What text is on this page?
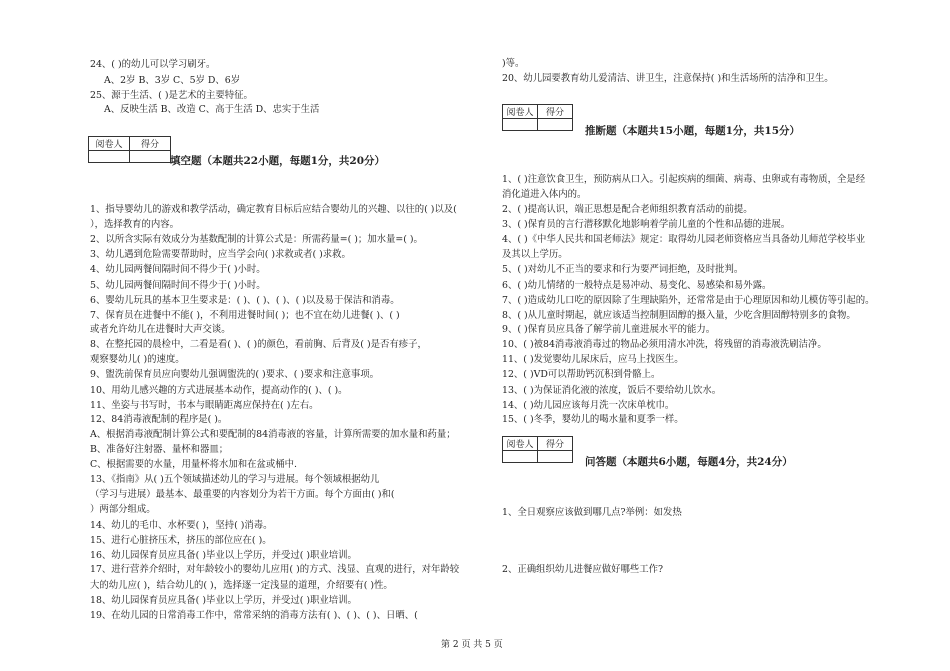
24、( )的幼儿可以学习刷牙。
A、2岁 B、3岁 C、5岁 D、6岁
25、源于生活、( )是艺术的主要特征。
A、反映生活 B、改造 C、高于生活 D、忠实于生活
阅卷人	得分

填空题（本题共22小题，每题1分，共20分）
1、指导婴幼儿的游戏和教学活动，确定教育目标后应结合婴幼儿的兴趣、以往的( )以及(
），选择教育的内容。
2、以所含实际有效成分为基数配制的计算公式是：所需药量=( )；加水量=( )。
3、幼儿遇到危险需要帮助时，应当学会向( )求救或者( )求救。
4、幼儿园两餐间隔时间不得少于( )小时。
5、幼儿园两餐间隔时间不得少于( )小时。
6、婴幼儿玩具的基本卫生要求是：( )、( )、( )、( )以及易于保洁和消毒。
7、保育员在进餐中不能( )，不利用进餐时间( )；也不宜在幼儿进餐( )、( )
或者允许幼儿在进餐时大声交谈。
8、在整托园的晨检中，二看是看( )、( )的颜色，看前胸、后背及( )是否有疹子，
观察婴幼儿( )的速度。
9、盥洗前保育员应向婴幼儿强调盥洗的( )要求、( )要求和注意事项。
10、用幼儿感兴趣的方式进展基本动作，提高动作的( )、( )。
11、坐姿与书写时，书本与眼睛距离应保持在( )左右。
12、84消毒液配制的程序是( )。
A、根据消毒液配制计算公式和要配制的84消毒液的容量，计算所需要的加水量和药量；
B、准备好注射器、量杯和器皿；
C、根据需要的水量，用量杯将水加和在盆或桶中.
13、《指南》从( )五个领域描述幼儿的学习与进展。每个领域根据幼儿
（学习与进展）最基本、最重要的内容划分为若干方面。每个方面由( )和(
）两部分组成。
14、幼儿的毛巾、水杯要( )，坚持( )消毒。
15、进行心脏挤压术，挤压的部位应在( )。
16、幼儿园保育员应具备( )毕业以上学历，并受过( )职业培训。
17、进行营养介绍时，对年龄较小的婴幼儿应用( )的方式、浅显、直观的进行，对年龄较
大的幼儿应( )，结合幼儿的( )，选择逐一定浅显的道理，介绍要有( )性。
18、幼儿园保育员应具备( )毕业以上学历，并受过( )职业培训。
19、在幼儿园的日常消毒工作中，常常采纳的消毒方法有( )、( )、( )、日晒、(
)等。
20、幼儿园要教育幼儿爱清洁、讲卫生，注意保持( )和生活场所的洁净和卫生。
阅卷人	得分

推断题（本题共15小题，每题1分，共15分）
1、( )注意饮食卫生，预防病从口入。引起疾病的细菌、病毒、虫卵或有毒物质，全是经
消化道进入体内的。
2、( )提高认识，端正思想是配合老师组织教育活动的前提。
3、( )保育员的言行潜移默化地影响着学前儿童的个性和品德的进展。
4、( )《中华人民共和国老师法》规定：取得幼儿园老师资格应当具备幼儿师范学校毕业
及其以上学历。
5、( )对幼儿不正当的要求和行为要严词拒绝，及时批判。
6、( )幼儿情绪的一般特点是易冲动、易变化、易感染和易外露。
7、( )造成幼儿口吃的原因除了生理缺陷外，还常常是由于心理原因和幼儿模仿等引起的。
8、( )从儿童时期起，就应该适当控制胆固醇的摄入量，少吃含胆固醇特别多的食物。
9、( )保育员应具备了解学前儿童进展水平的能力。
10、( )被84消毒液消毒过的物品必须用清水冲洗，将残留的消毒液洗刷洁净。
11、( )发觉婴幼儿尿床后，应马上找医生。
12、( )VD可以帮助钙沉积到骨骼上。
13、( )为保证消化液的浓度，饭后不要给幼儿饮水。
14、( )幼儿园应该每月洗一次床单枕巾。
15、( )冬季，婴幼儿的喝水量和夏季一样。
阅卷人	得分

问答题（本题共6小题，每题4分，共24分）
1、全日观察应该做到哪几点?举例：如发热
2、正确组织幼儿进餐应做好哪些工作?
第 2 页 共 5 页
